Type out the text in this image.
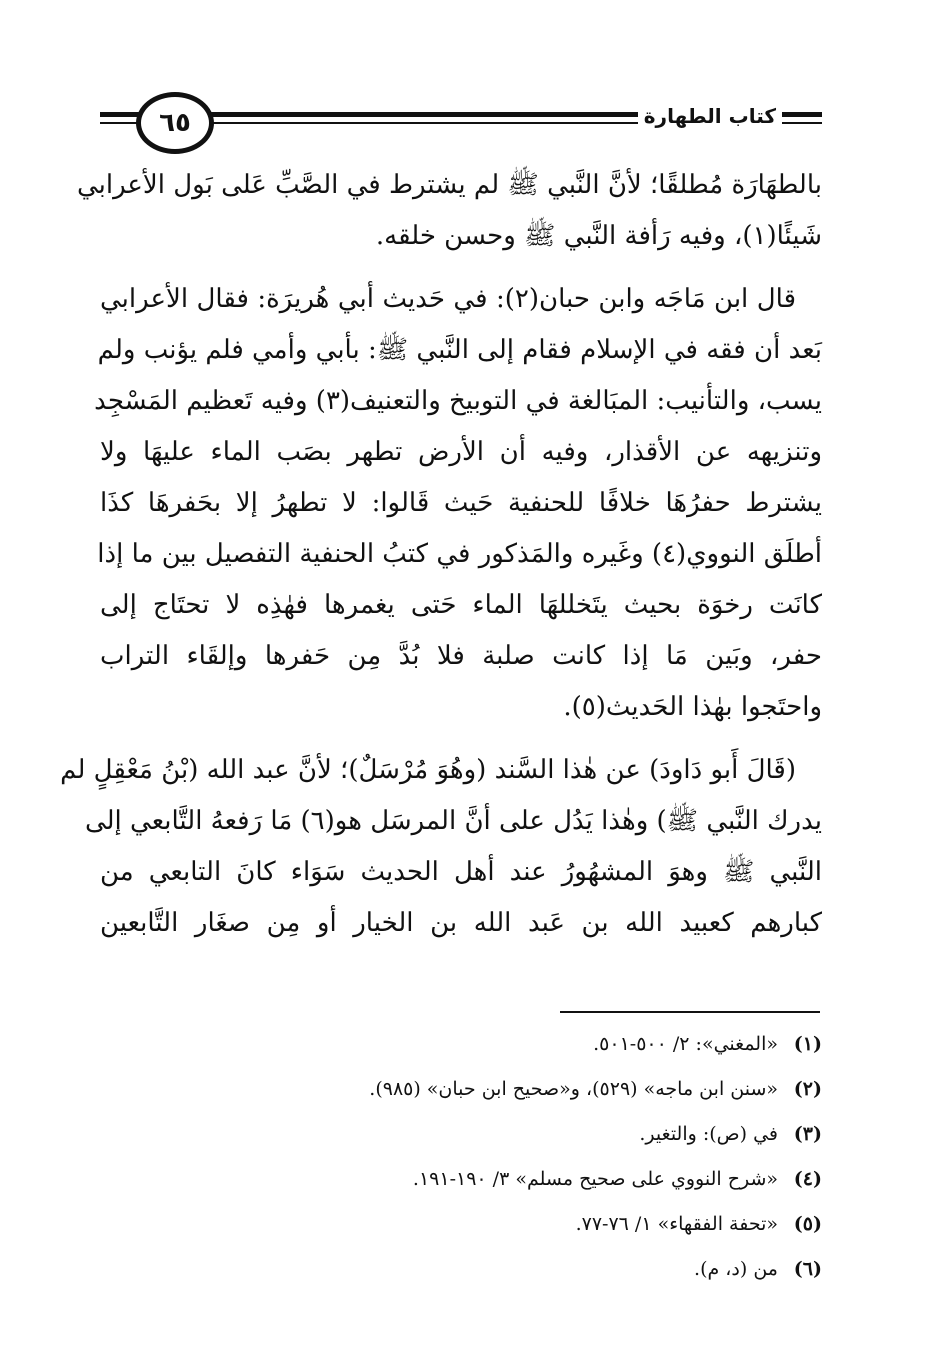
كتاب الطهارة
٦٥

بالطهَارَة مُطلقًا؛ لأنَّ النَّبي ﷺ لم يشترط في الصَّبِّ عَلى بَول الأعرابي
شَيئًا(١)، وفيه رَأفة النَّبي ﷺ وحسن خلقه.

قال ابن مَاجَه وابن حبان(٢): في حَديث أبي هُريرَة: فقال الأعرابي
بَعد أن فقه في الإسلام فقام إلى النَّبي ﷺ: بأبي وأمي فلم يؤنب ولم
يسب، والتأنيب: المبَالغة في التوبيخ والتعنيف(٣) وفيه تَعظيم المَسْجِد
وتنزيهه عن الأقذار، وفيه أن الأرض تطهر بصَب الماء عليهَا ولا
يشترط حفرُهَا خلافًا للحنفية حَيث قَالوا: لا تطهرُ إلا بحَفرهَا كذَا
أطلَق النووي(٤) وغَيره والمَذكور في كتبُ الحنفية التفصيل بين ما إذا
كانَت رخوَة بحيث يتَخللهَا الماء حَتى يغمرها فهٰذِه لا تحتَاج إلى
حفر، وبَين مَا إذا كانت صلبة فلا بُدَّ مِن حَفرها وإلقَاء التراب
واحتَجوا بهٰذا الحَديث(٥).

(قَالَ أَبو دَاودَ) عن هٰذا السَّند (وهُوَ مُرْسَلٌ)؛ لأنَّ عبد الله (بْنُ مَعْقِلٍ لم
يدرك النَّبي ﷺ) وهٰذا يَدُل على أنَّ المرسَل هو(٦) مَا رَفعهُ التَّابعي إلى
النَّبي ﷺ وهوَ المشهُورُ عند أهل الحديث سَوَاء كانَ التابعي من
كبارهم كعبيد الله بن عَبد الله بن الخيار أو مِن صغَار التَّابعين

(١)
«المغني»: ٢/ ٥٠٠-٥٠١.
(٢)
«سنن ابن ماجه» (٥٢٩)، و«صحيح ابن حبان» (٩٨٥).
(٣)
في (ص): والتغير.
(٤)
«شرح النووي على صحيح مسلم» ٣/ ١٩٠-١٩١.
(٥)
«تحفة الفقهاء» ١/ ٧٦-٧٧.
(٦)
من (د، م).
